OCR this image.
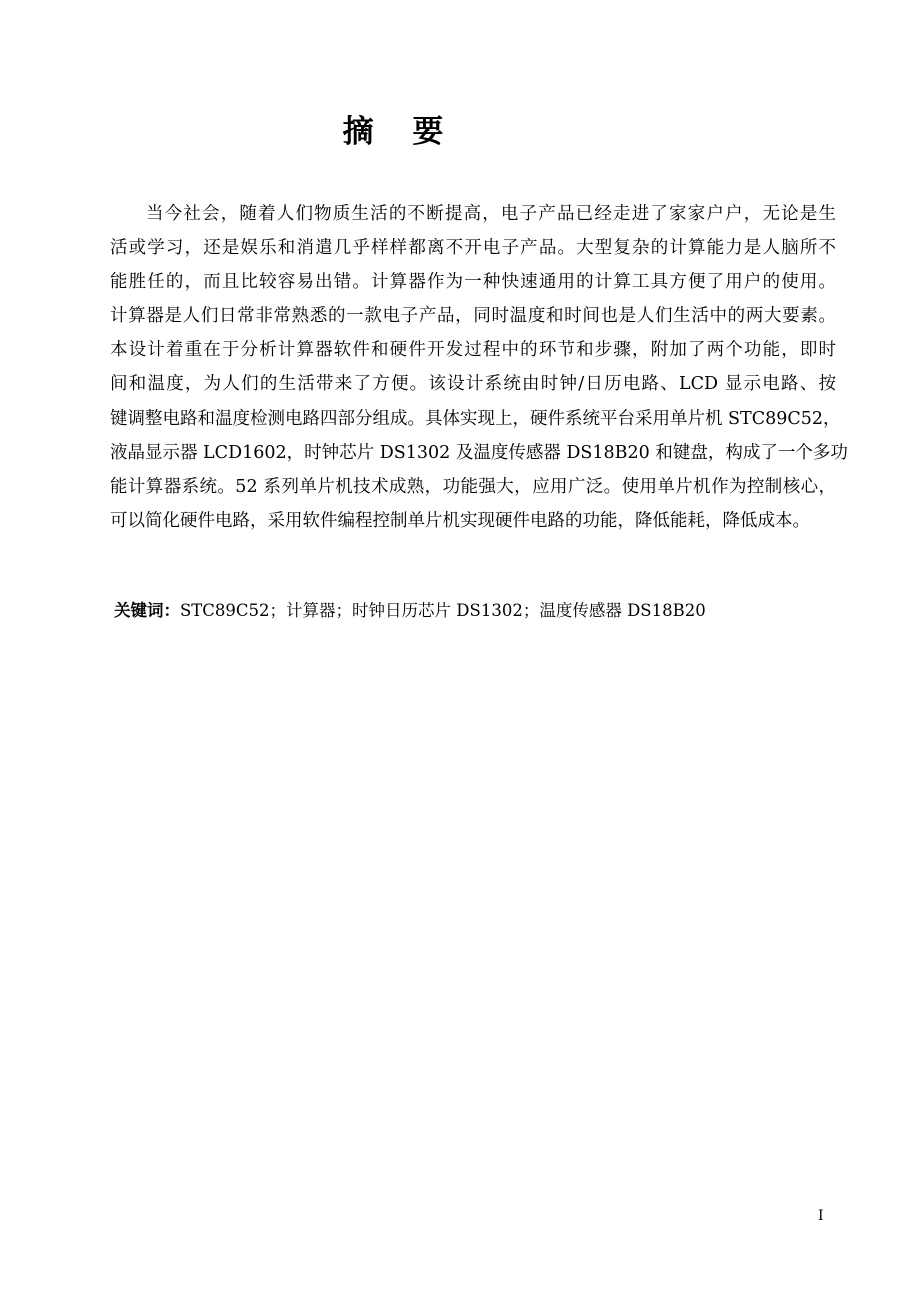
摘 要
当今社会，随着人们物质生活的不断提高，电子产品已经走进了家家户户，无论是生
活或学习，还是娱乐和消遣几乎样样都离不开电子产品。大型复杂的计算能力是人脑所不
能胜任的，而且比较容易出错。计算器作为一种快速通用的计算工具方便了用户的使用。
计算器是人们日常非常熟悉的一款电子产品，同时温度和时间也是人们生活中的两大要素。
本设计着重在于分析计算器软件和硬件开发过程中的环节和步骤，附加了两个功能，即时
间和温度，为人们的生活带来了方便。该设计系统由时钟/日历电路、LCD 显示电路、按
键调整电路和温度检测电路四部分组成。具体实现上，硬件系统平台采用单片机 STC89C52，
液晶显示器 LCD1602，时钟芯片 DS1302 及温度传感器 DS18B20 和键盘，构成了一个多功
能计算器系统。52 系列单片机技术成熟，功能强大，应用广泛。使用单片机作为控制核心，
可以简化硬件电路，采用软件编程控制单片机实现硬件电路的功能，降低能耗，降低成本。

关键词：STC89C52；计算器；时钟日历芯片 DS1302；温度传感器 DS18B20

I
